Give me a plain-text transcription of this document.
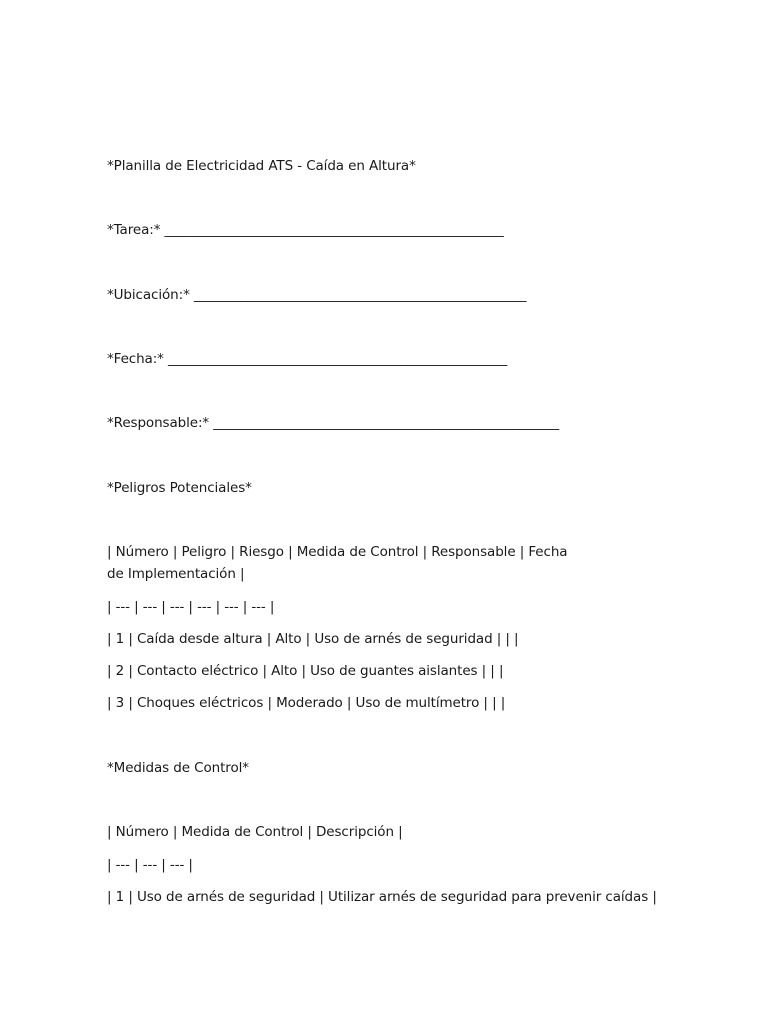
*Planilla de Electricidad ATS - Caída en Altura*
*Tarea:* ___________________________________________________
*Ubicación:* __________________________________________________
*Fecha:* ___________________________________________________
*Responsable:* ____________________________________________________
*Peligros Potenciales*
| Número | Peligro | Riesgo | Medida de Control | Responsable | Fecha de Implementación |
| --- | --- | --- | --- | --- | --- |
| 1 | Caída desde altura | Alto | Uso de arnés de seguridad | | |
| 2 | Contacto eléctrico | Alto | Uso de guantes aislantes | | |
| 3 | Choques eléctricos | Moderado | Uso de multímetro | | |
*Medidas de Control*
| Número | Medida de Control | Descripción |
| --- | --- | --- |
| 1 | Uso de arnés de seguridad | Utilizar arnés de seguridad para prevenir caídas |
